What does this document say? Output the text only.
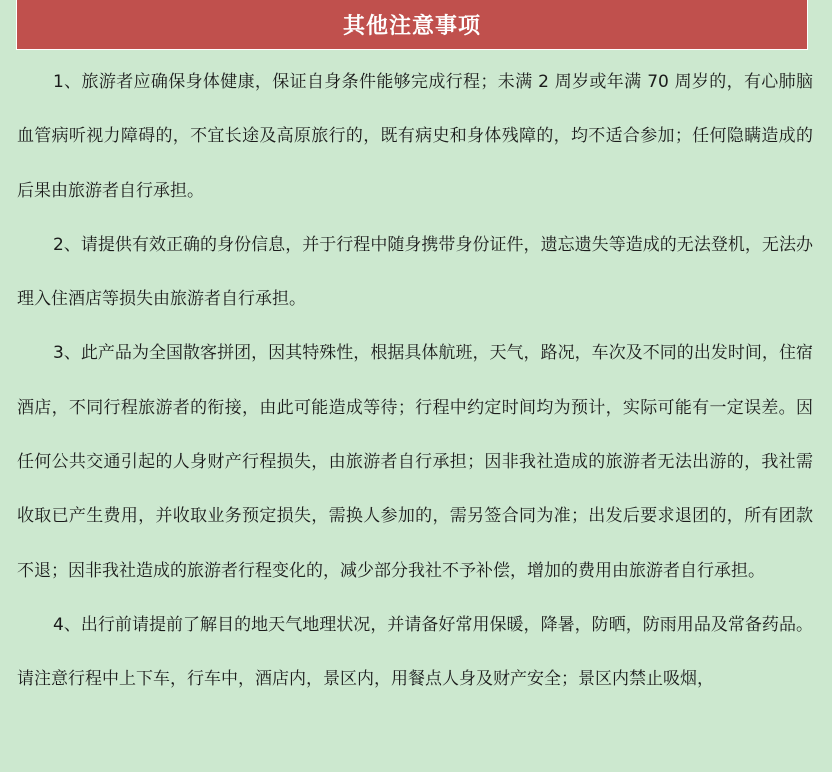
其他注意事项

1、旅游者应确保身体健康，保证自身条件能够完成行程；未满 2 周岁或年满 70 周岁的，有心肺脑血管病听视力障碍的，不宜长途及高原旅行的，既有病史和身体残障的，均不适合参加；任何隐瞒造成的后果由旅游者自行承担。

2、请提供有效正确的身份信息，并于行程中随身携带身份证件，遗忘遗失等造成的无法登机，无法办理入住酒店等损失由旅游者自行承担。

3、此产品为全国散客拼团，因其特殊性，根据具体航班，天气，路况，车次及不同的出发时间，住宿酒店，不同行程旅游者的衔接，由此可能造成等待；行程中约定时间均为预计，实际可能有一定误差。因任何公共交通引起的人身财产行程损失，由旅游者自行承担；因非我社造成的旅游者无法出游的，我社需收取已产生费用，并收取业务预定损失，需换人参加的，需另签合同为准；出发后要求退团的，所有团款不退；因非我社造成的旅游者行程变化的，减少部分我社不予补偿，增加的费用由旅游者自行承担。

4、出行前请提前了解目的地天气地理状况，并请备好常用保暖，降暑，防晒，防雨用品及常备药品。请注意行程中上下车，行车中，酒店内，景区内，用餐点人身及财产安全；景区内禁止吸烟，
